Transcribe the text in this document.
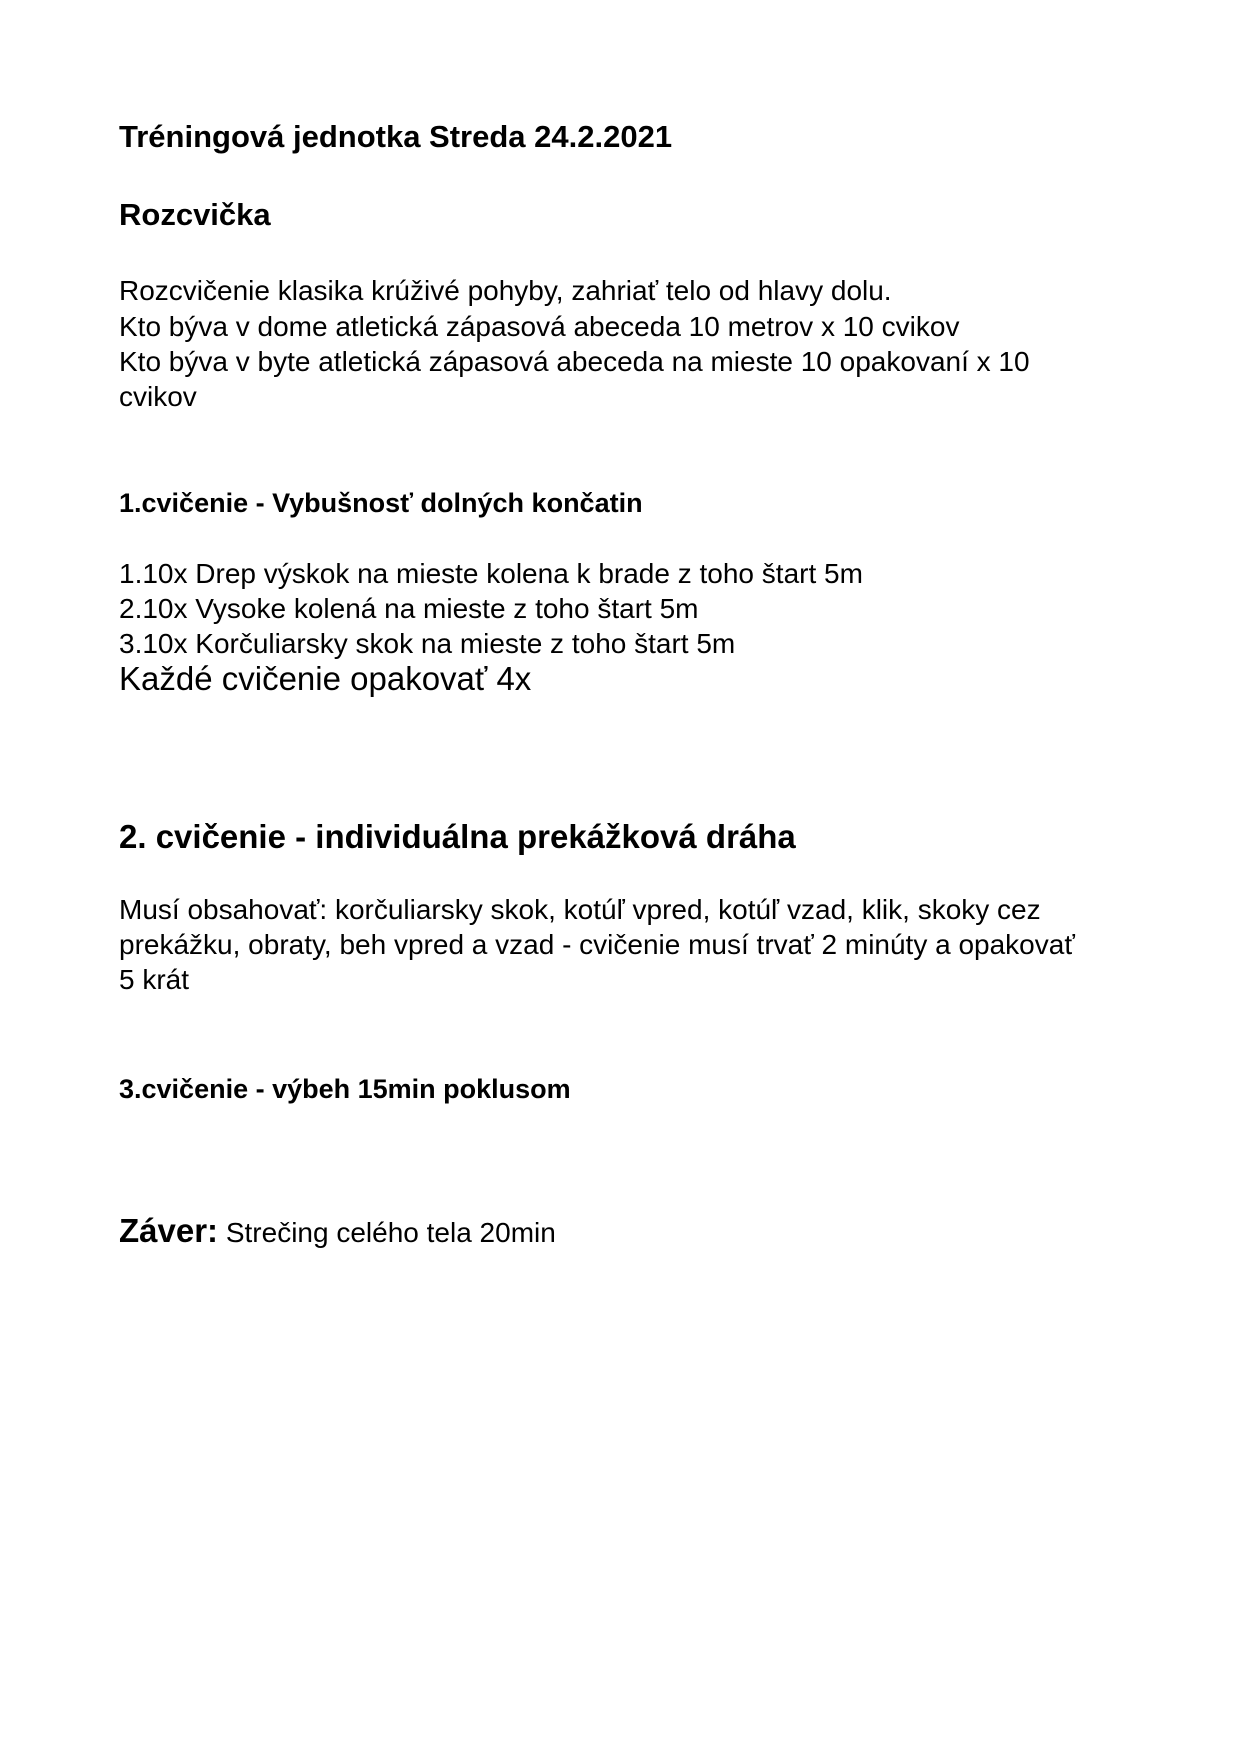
Tréningová jednotka Streda 24.2.2021
Rozcvička
Rozcvičenie klasika krúživé pohyby, zahriať telo od hlavy dolu.
Kto býva v dome atletická zápasová abeceda 10 metrov x 10 cvikov
Kto býva v byte atletická zápasová abeceda na mieste 10 opakovaní x 10
cvikov
1.cvičenie - Vybušnosť dolných končatin
1.10x Drep výskok na mieste kolena k brade z toho štart 5m
2.10x Vysoke kolená na mieste z toho štart 5m
3.10x Korčuliarsky skok na mieste z toho štart 5m
Každé cvičenie opakovať 4x
2. cvičenie - individuálna prekážková dráha
Musí obsahovať: korčuliarsky skok, kotúľ vpred, kotúľ vzad, klik, skoky cez
prekážku, obraty, beh vpred a vzad - cvičenie musí trvať 2 minúty a opakovať
5 krát
3.cvičenie - výbeh 15min poklusom
Záver: Strečing celého tela 20min
